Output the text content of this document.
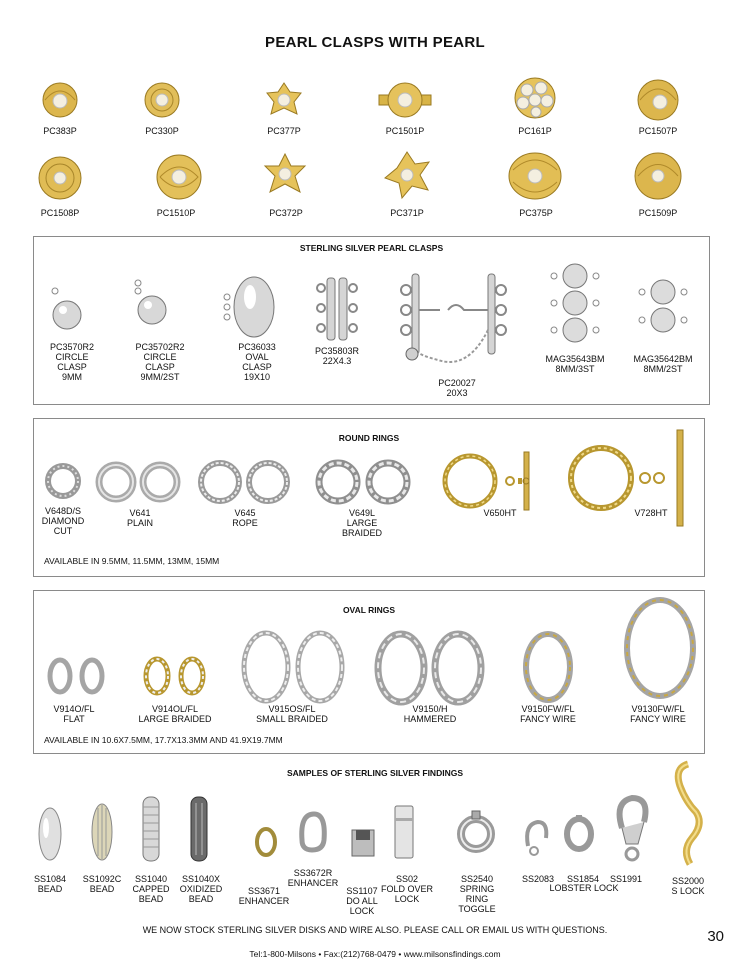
PEARL CLASPS WITH PEARL
PC383P	PC330P	PC377P	PC1501P	PC161P	PC1507P
PC1508P	PC1510P	PC372P	PC371P	PC375P	PC1509P
STERLING SILVER PEARL CLASPS
PC3570R2
CIRCLE
CLASP
9MM
PC35702R2
CIRCLE
CLASP
9MM/2ST
PC36033
OVAL
CLASP
19X10
PC35803R
22X4.3
PC20027
20X3
MAG35643BM
8MM/3ST
MAG35642BM
8MM/2ST
ROUND RINGS
V648D/S
DIAMOND
CUT
V641
PLAIN
V645
ROPE
V649L
LARGE
BRAIDED
V650HT	V728HT
AVAILABLE IN 9.5MM, 11.5MM, 13MM, 15MM
OVAL RINGS
V914O/FL
FLAT
V914OL/FL
LARGE BRAIDED
V915OS/FL
SMALL BRAIDED
V9150/H
HAMMERED
V9150FW/FL
FANCY WIRE
V9130FW/FL
FANCY WIRE
AVAILABLE IN 10.6X7.5MM, 17.7X13.3MM AND 41.9X19.7MM
SAMPLES OF STERLING SILVER FINDINGS
SS1084
BEAD
SS1092C
BEAD
SS1040
CAPPED
BEAD
SS1040X
OXIDIZED
BEAD
SS3671
ENHANCER
SS3672R
ENHANCER
SS1107
DO ALL
LOCK
SS02
FOLD OVER
LOCK
SS2540
SPRING
RING
TOGGLE
SS2083	SS1854
LOBSTER LOCK
SS1991	SS2000
S LOCK
WE NOW STOCK STERLING SILVER DISKS AND WIRE ALSO. PLEASE CALL OR EMAIL US WITH QUESTIONS.	30
Tel:1-800-Milsons • Fax:(212)768-0479 • www.milsonsfindings.com
